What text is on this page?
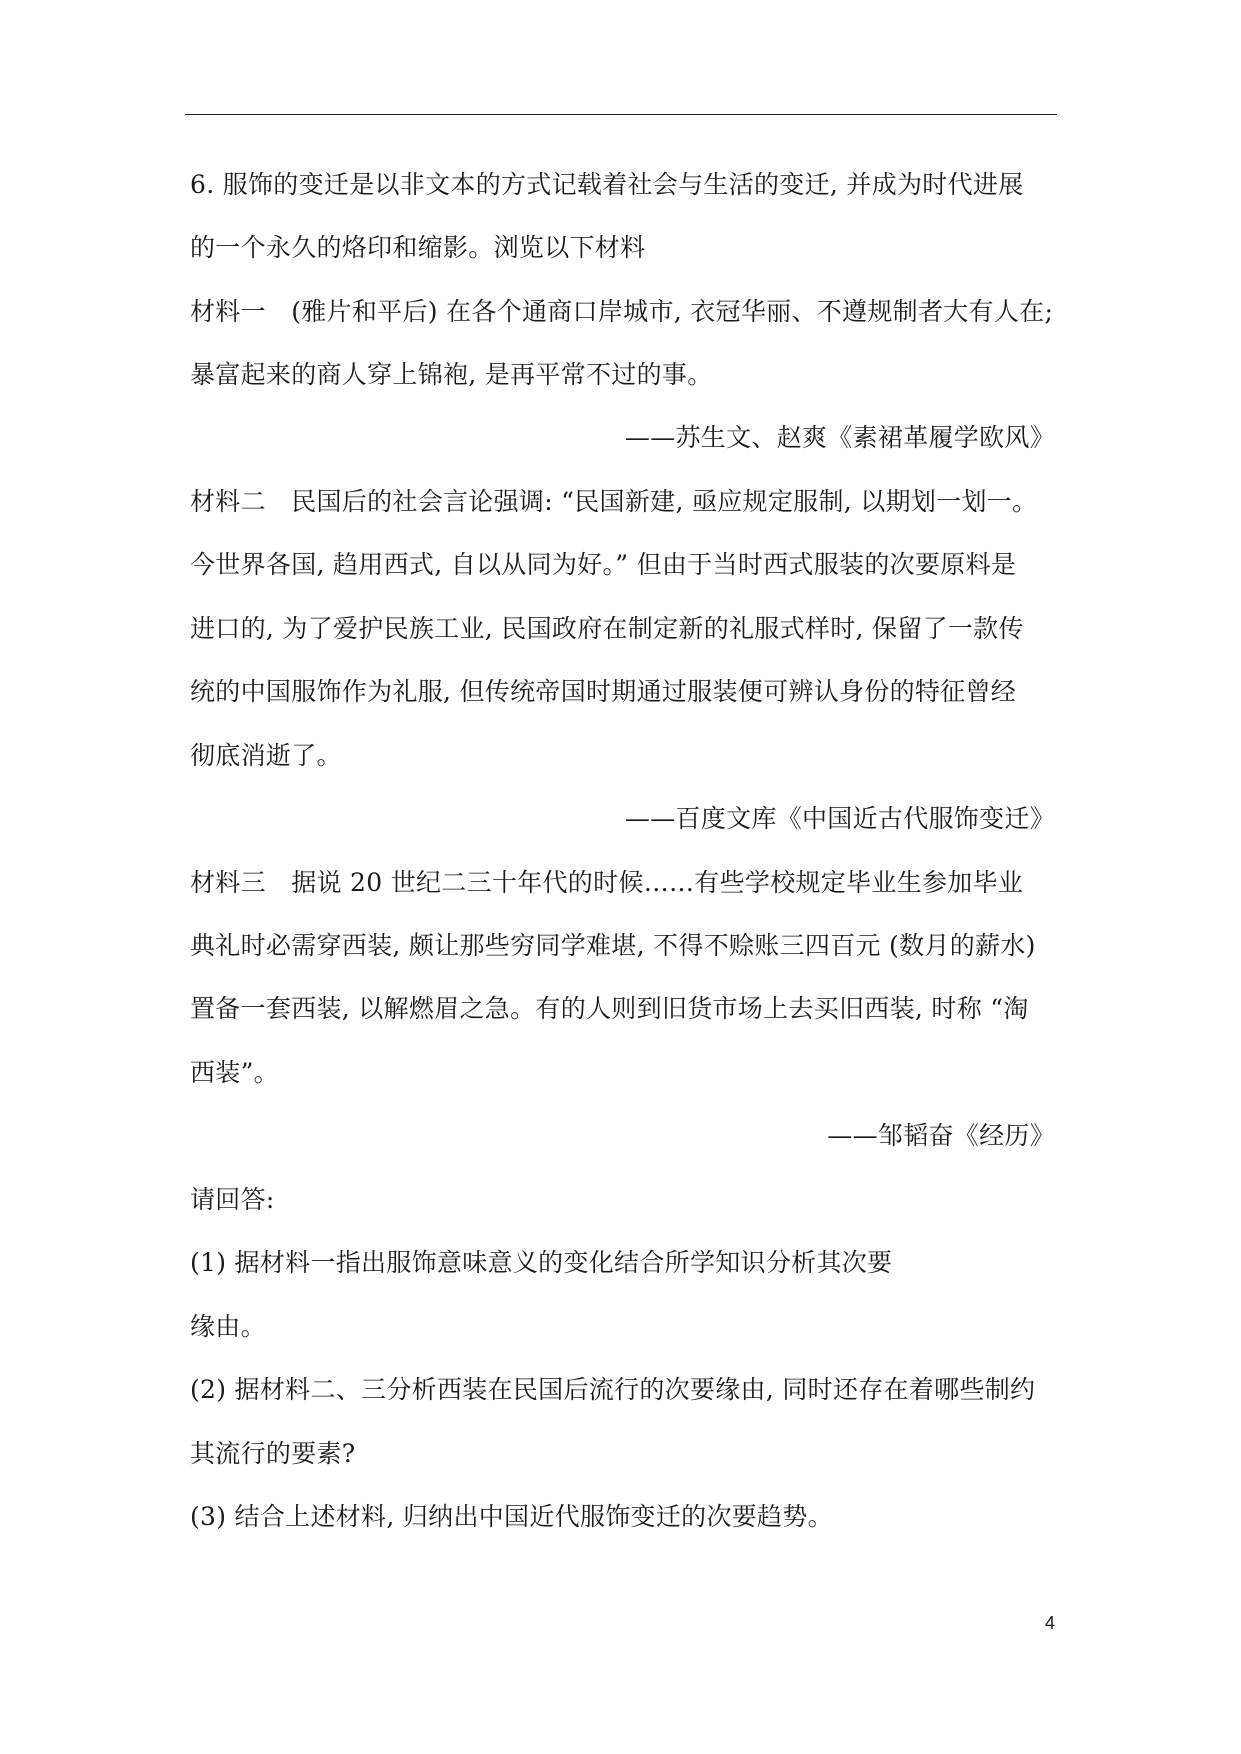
6. 服饰的变迁是以非文本的方式记载着社会与生活的变迁, 并成为时代进展
的一个永久的烙印和缩影。浏览以下材料
材料一　(雅片和平后) 在各个通商口岸城市, 衣冠华丽、不遵规制者大有人在;
暴富起来的商人穿上锦袍, 是再平常不过的事。
——苏生文、赵爽《素裙革履学欧风》
材料二　民国后的社会言论强调: “民国新建, 亟应规定服制, 以期划一划一。
今世界各国, 趋用西式, 自以从同为好。” 但由于当时西式服装的次要原料是
进口的, 为了爱护民族工业, 民国政府在制定新的礼服式样时, 保留了一款传
统的中国服饰作为礼服, 但传统帝国时期通过服装便可辨认身份的特征曾经
彻底消逝了。
——百度文库《中国近古代服饰变迁》
材料三　据说 20 世纪二三十年代的时候……有些学校规定毕业生参加毕业
典礼时必需穿西装, 颇让那些穷同学难堪, 不得不赊账三四百元 (数月的薪水)
置备一套西装, 以解燃眉之急。有的人则到旧货市场上去买旧西装, 时称 “淘
西装”。
——邹韬奋《经历》
请回答:
(1) 据材料一指出服饰意味意义的变化结合所学知识分析其次要
缘由。
(2) 据材料二、三分析西装在民国后流行的次要缘由, 同时还存在着哪些制约
其流行的要素?
(3) 结合上述材料, 归纳出中国近代服饰变迁的次要趋势。
4
